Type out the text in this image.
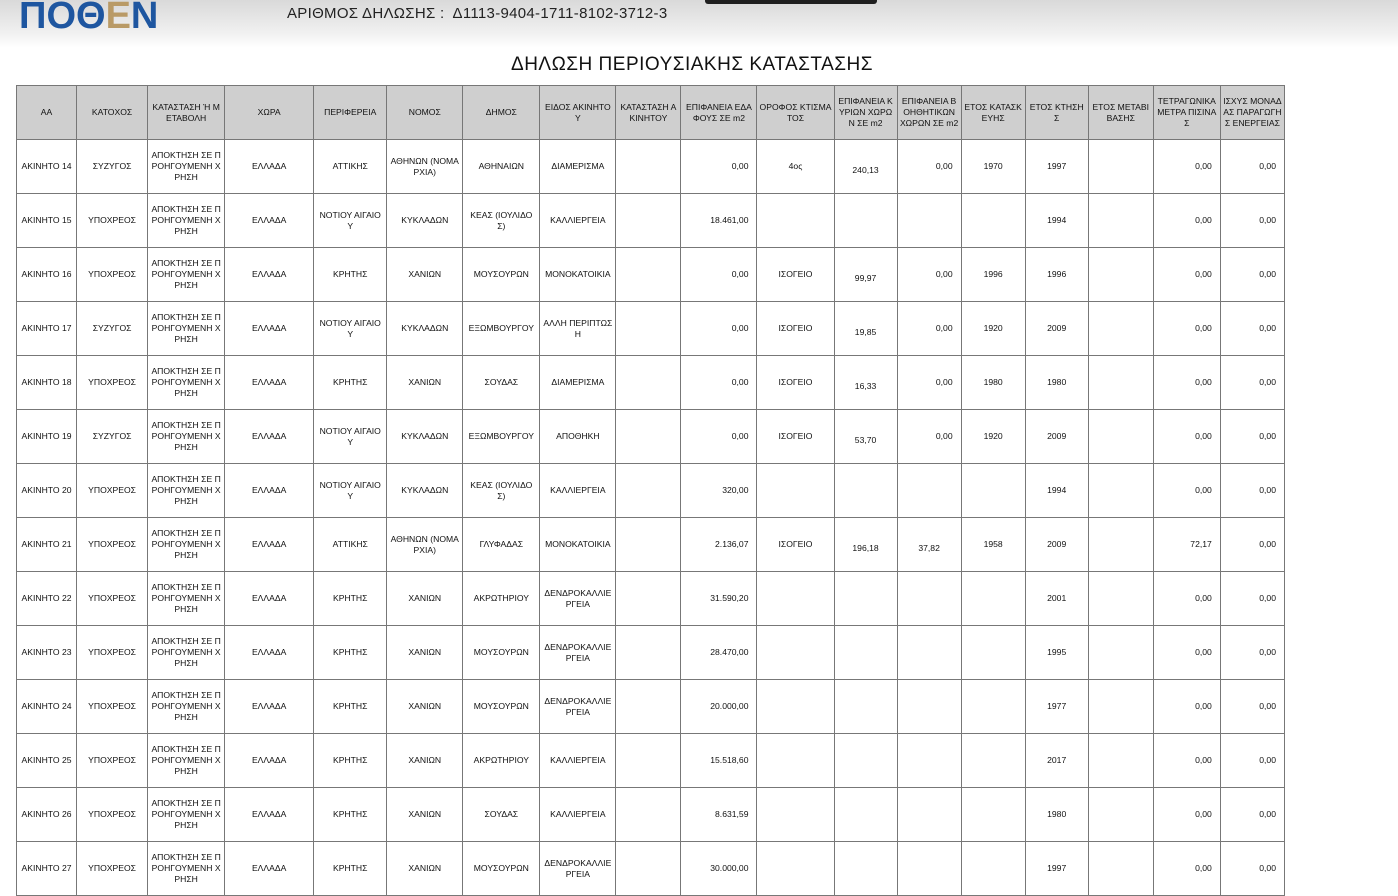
ΠΟΘΕΝ	ΑΡΙΘΜΟΣ ΔΗΛΩΣΗΣ : Δ1113-9404-1711-8102-3712-3
ΔΗΛΩΣΗ ΠΕΡΙΟΥΣΙΑΚΗΣ ΚΑΤΑΣΤΑΣΗΣ
ΑΑ	ΚΑΤΟΧΟΣ	ΚΑΤΑΣΤΑΣΗ Ή ΜΕΤΑΒΟΛΗ	ΧΩΡΑ	ΠΕΡΙΦΕΡΕΙΑ	ΝΟΜΟΣ	ΔΗΜΟΣ	ΕΙΔΟΣ ΑΚΙΝΗΤΟΥ	ΚΑΤΑΣΤΑΣΗ ΑΚΙΝΗΤΟΥ	ΕΠΙΦΑΝΕΙΑ ΕΔΑΦΟΥΣ ΣΕ m2	ΟΡΟΦΟΣ ΚΤΙΣΜΑΤΟΣ	ΕΠΙΦΑΝΕΙΑ ΚΥΡΙΩΝ ΧΩΡΩΝ ΣΕ m2	ΕΠΙΦΑΝΕΙΑ ΒΟΗΘΗΤΙΚΩΝ ΧΩΡΩΝ ΣΕ m2	ΕΤΟΣ ΚΑΤΑΣΚΕΥΗΣ	ΕΤΟΣ ΚΤΗΣΗΣ	ΕΤΟΣ ΜΕΤΑΒΙΒΑΣΗΣ	ΤΕΤΡΑΓΩΝΙΚΑ ΜΕΤΡΑ ΠΙΣΙΝΑΣ	ΙΣΧΥΣ ΜΟΝΑΔΑΣ ΠΑΡΑΓΩΓΗΣ ΕΝΕΡΓΕΙΑΣ
ΑΚΙΝΗΤΟ 14	ΣΥΖΥΓΟΣ	ΑΠΟΚΤΗΣΗ ΣΕ ΠΡΟΗΓΟΥΜΕΝΗ ΧΡΗΣΗ	ΕΛΛΑΔΑ	ΑΤΤΙΚΗΣ	ΑΘΗΝΩΝ (ΝΟΜΑΡΧΙΑ)	ΑΘΗΝΑΙΩΝ	ΔΙΑΜΕΡΙΣΜΑ		0,00	4ος	240,13	0,00	1970	1997		0,00	0,00
ΑΚΙΝΗΤΟ 15	ΥΠΟΧΡΕΟΣ	ΑΠΟΚΤΗΣΗ ΣΕ ΠΡΟΗΓΟΥΜΕΝΗ ΧΡΗΣΗ	ΕΛΛΑΔΑ	ΝΟΤΙΟΥ ΑΙΓΑΙΟΥ	ΚΥΚΛΑΔΩΝ	ΚΕΑΣ (ΙΟΥΛΙΔΟΣ)	ΚΑΛΛΙΕΡΓΕΙΑ		18.461,00					1994		0,00	0,00
ΑΚΙΝΗΤΟ 16	ΥΠΟΧΡΕΟΣ	ΑΠΟΚΤΗΣΗ ΣΕ ΠΡΟΗΓΟΥΜΕΝΗ ΧΡΗΣΗ	ΕΛΛΑΔΑ	ΚΡΗΤΗΣ	ΧΑΝΙΩΝ	ΜΟΥΣΟΥΡΩΝ	ΜΟΝΟΚΑΤΟΙΚΙΑ		0,00	ΙΣΟΓΕΙΟ	99,97	0,00	1996	1996		0,00	0,00
ΑΚΙΝΗΤΟ 17	ΣΥΖΥΓΟΣ	ΑΠΟΚΤΗΣΗ ΣΕ ΠΡΟΗΓΟΥΜΕΝΗ ΧΡΗΣΗ	ΕΛΛΑΔΑ	ΝΟΤΙΟΥ ΑΙΓΑΙΟΥ	ΚΥΚΛΑΔΩΝ	ΕΞΩΜΒΟΥΡΓΟΥ	ΑΛΛΗ ΠΕΡΙΠΤΩΣΗ		0,00	ΙΣΟΓΕΙΟ	19,85	0,00	1920	2009		0,00	0,00
ΑΚΙΝΗΤΟ 18	ΥΠΟΧΡΕΟΣ	ΑΠΟΚΤΗΣΗ ΣΕ ΠΡΟΗΓΟΥΜΕΝΗ ΧΡΗΣΗ	ΕΛΛΑΔΑ	ΚΡΗΤΗΣ	ΧΑΝΙΩΝ	ΣΟΥΔΑΣ	ΔΙΑΜΕΡΙΣΜΑ		0,00	ΙΣΟΓΕΙΟ	16,33	0,00	1980	1980		0,00	0,00
ΑΚΙΝΗΤΟ 19	ΣΥΖΥΓΟΣ	ΑΠΟΚΤΗΣΗ ΣΕ ΠΡΟΗΓΟΥΜΕΝΗ ΧΡΗΣΗ	ΕΛΛΑΔΑ	ΝΟΤΙΟΥ ΑΙΓΑΙΟΥ	ΚΥΚΛΑΔΩΝ	ΕΞΩΜΒΟΥΡΓΟΥ	ΑΠΟΘΗΚΗ		0,00	ΙΣΟΓΕΙΟ	53,70	0,00	1920	2009		0,00	0,00
ΑΚΙΝΗΤΟ 20	ΥΠΟΧΡΕΟΣ	ΑΠΟΚΤΗΣΗ ΣΕ ΠΡΟΗΓΟΥΜΕΝΗ ΧΡΗΣΗ	ΕΛΛΑΔΑ	ΝΟΤΙΟΥ ΑΙΓΑΙΟΥ	ΚΥΚΛΑΔΩΝ	ΚΕΑΣ (ΙΟΥΛΙΔΟΣ)	ΚΑΛΛΙΕΡΓΕΙΑ		320,00					1994		0,00	0,00
ΑΚΙΝΗΤΟ 21	ΥΠΟΧΡΕΟΣ	ΑΠΟΚΤΗΣΗ ΣΕ ΠΡΟΗΓΟΥΜΕΝΗ ΧΡΗΣΗ	ΕΛΛΑΔΑ	ΑΤΤΙΚΗΣ	ΑΘΗΝΩΝ (ΝΟΜΑΡΧΙΑ)	ΓΛΥΦΑΔΑΣ	ΜΟΝΟΚΑΤΟΙΚΙΑ		2.136,07	ΙΣΟΓΕΙΟ	196,18	37,82	1958	2009		72,17	0,00
ΑΚΙΝΗΤΟ 22	ΥΠΟΧΡΕΟΣ	ΑΠΟΚΤΗΣΗ ΣΕ ΠΡΟΗΓΟΥΜΕΝΗ ΧΡΗΣΗ	ΕΛΛΑΔΑ	ΚΡΗΤΗΣ	ΧΑΝΙΩΝ	ΑΚΡΩΤΗΡΙΟΥ	ΔΕΝΔΡΟΚΑΛΛΙΕΡΓΕΙΑ		31.590,20					2001		0,00	0,00
ΑΚΙΝΗΤΟ 23	ΥΠΟΧΡΕΟΣ	ΑΠΟΚΤΗΣΗ ΣΕ ΠΡΟΗΓΟΥΜΕΝΗ ΧΡΗΣΗ	ΕΛΛΑΔΑ	ΚΡΗΤΗΣ	ΧΑΝΙΩΝ	ΜΟΥΣΟΥΡΩΝ	ΔΕΝΔΡΟΚΑΛΛΙΕΡΓΕΙΑ		28.470,00					1995		0,00	0,00
ΑΚΙΝΗΤΟ 24	ΥΠΟΧΡΕΟΣ	ΑΠΟΚΤΗΣΗ ΣΕ ΠΡΟΗΓΟΥΜΕΝΗ ΧΡΗΣΗ	ΕΛΛΑΔΑ	ΚΡΗΤΗΣ	ΧΑΝΙΩΝ	ΜΟΥΣΟΥΡΩΝ	ΔΕΝΔΡΟΚΑΛΛΙΕΡΓΕΙΑ		20.000,00					1977		0,00	0,00
ΑΚΙΝΗΤΟ 25	ΥΠΟΧΡΕΟΣ	ΑΠΟΚΤΗΣΗ ΣΕ ΠΡΟΗΓΟΥΜΕΝΗ ΧΡΗΣΗ	ΕΛΛΑΔΑ	ΚΡΗΤΗΣ	ΧΑΝΙΩΝ	ΑΚΡΩΤΗΡΙΟΥ	ΚΑΛΛΙΕΡΓΕΙΑ		15.518,60					2017		0,00	0,00
ΑΚΙΝΗΤΟ 26	ΥΠΟΧΡΕΟΣ	ΑΠΟΚΤΗΣΗ ΣΕ ΠΡΟΗΓΟΥΜΕΝΗ ΧΡΗΣΗ	ΕΛΛΑΔΑ	ΚΡΗΤΗΣ	ΧΑΝΙΩΝ	ΣΟΥΔΑΣ	ΚΑΛΛΙΕΡΓΕΙΑ		8.631,59					1980		0,00	0,00
ΑΚΙΝΗΤΟ 27	ΥΠΟΧΡΕΟΣ	ΑΠΟΚΤΗΣΗ ΣΕ ΠΡΟΗΓΟΥΜΕΝΗ ΧΡΗΣΗ	ΕΛΛΑΔΑ	ΚΡΗΤΗΣ	ΧΑΝΙΩΝ	ΜΟΥΣΟΥΡΩΝ	ΔΕΝΔΡΟΚΑΛΛΙΕΡΓΕΙΑ		30.000,00					1997		0,00	0,00
